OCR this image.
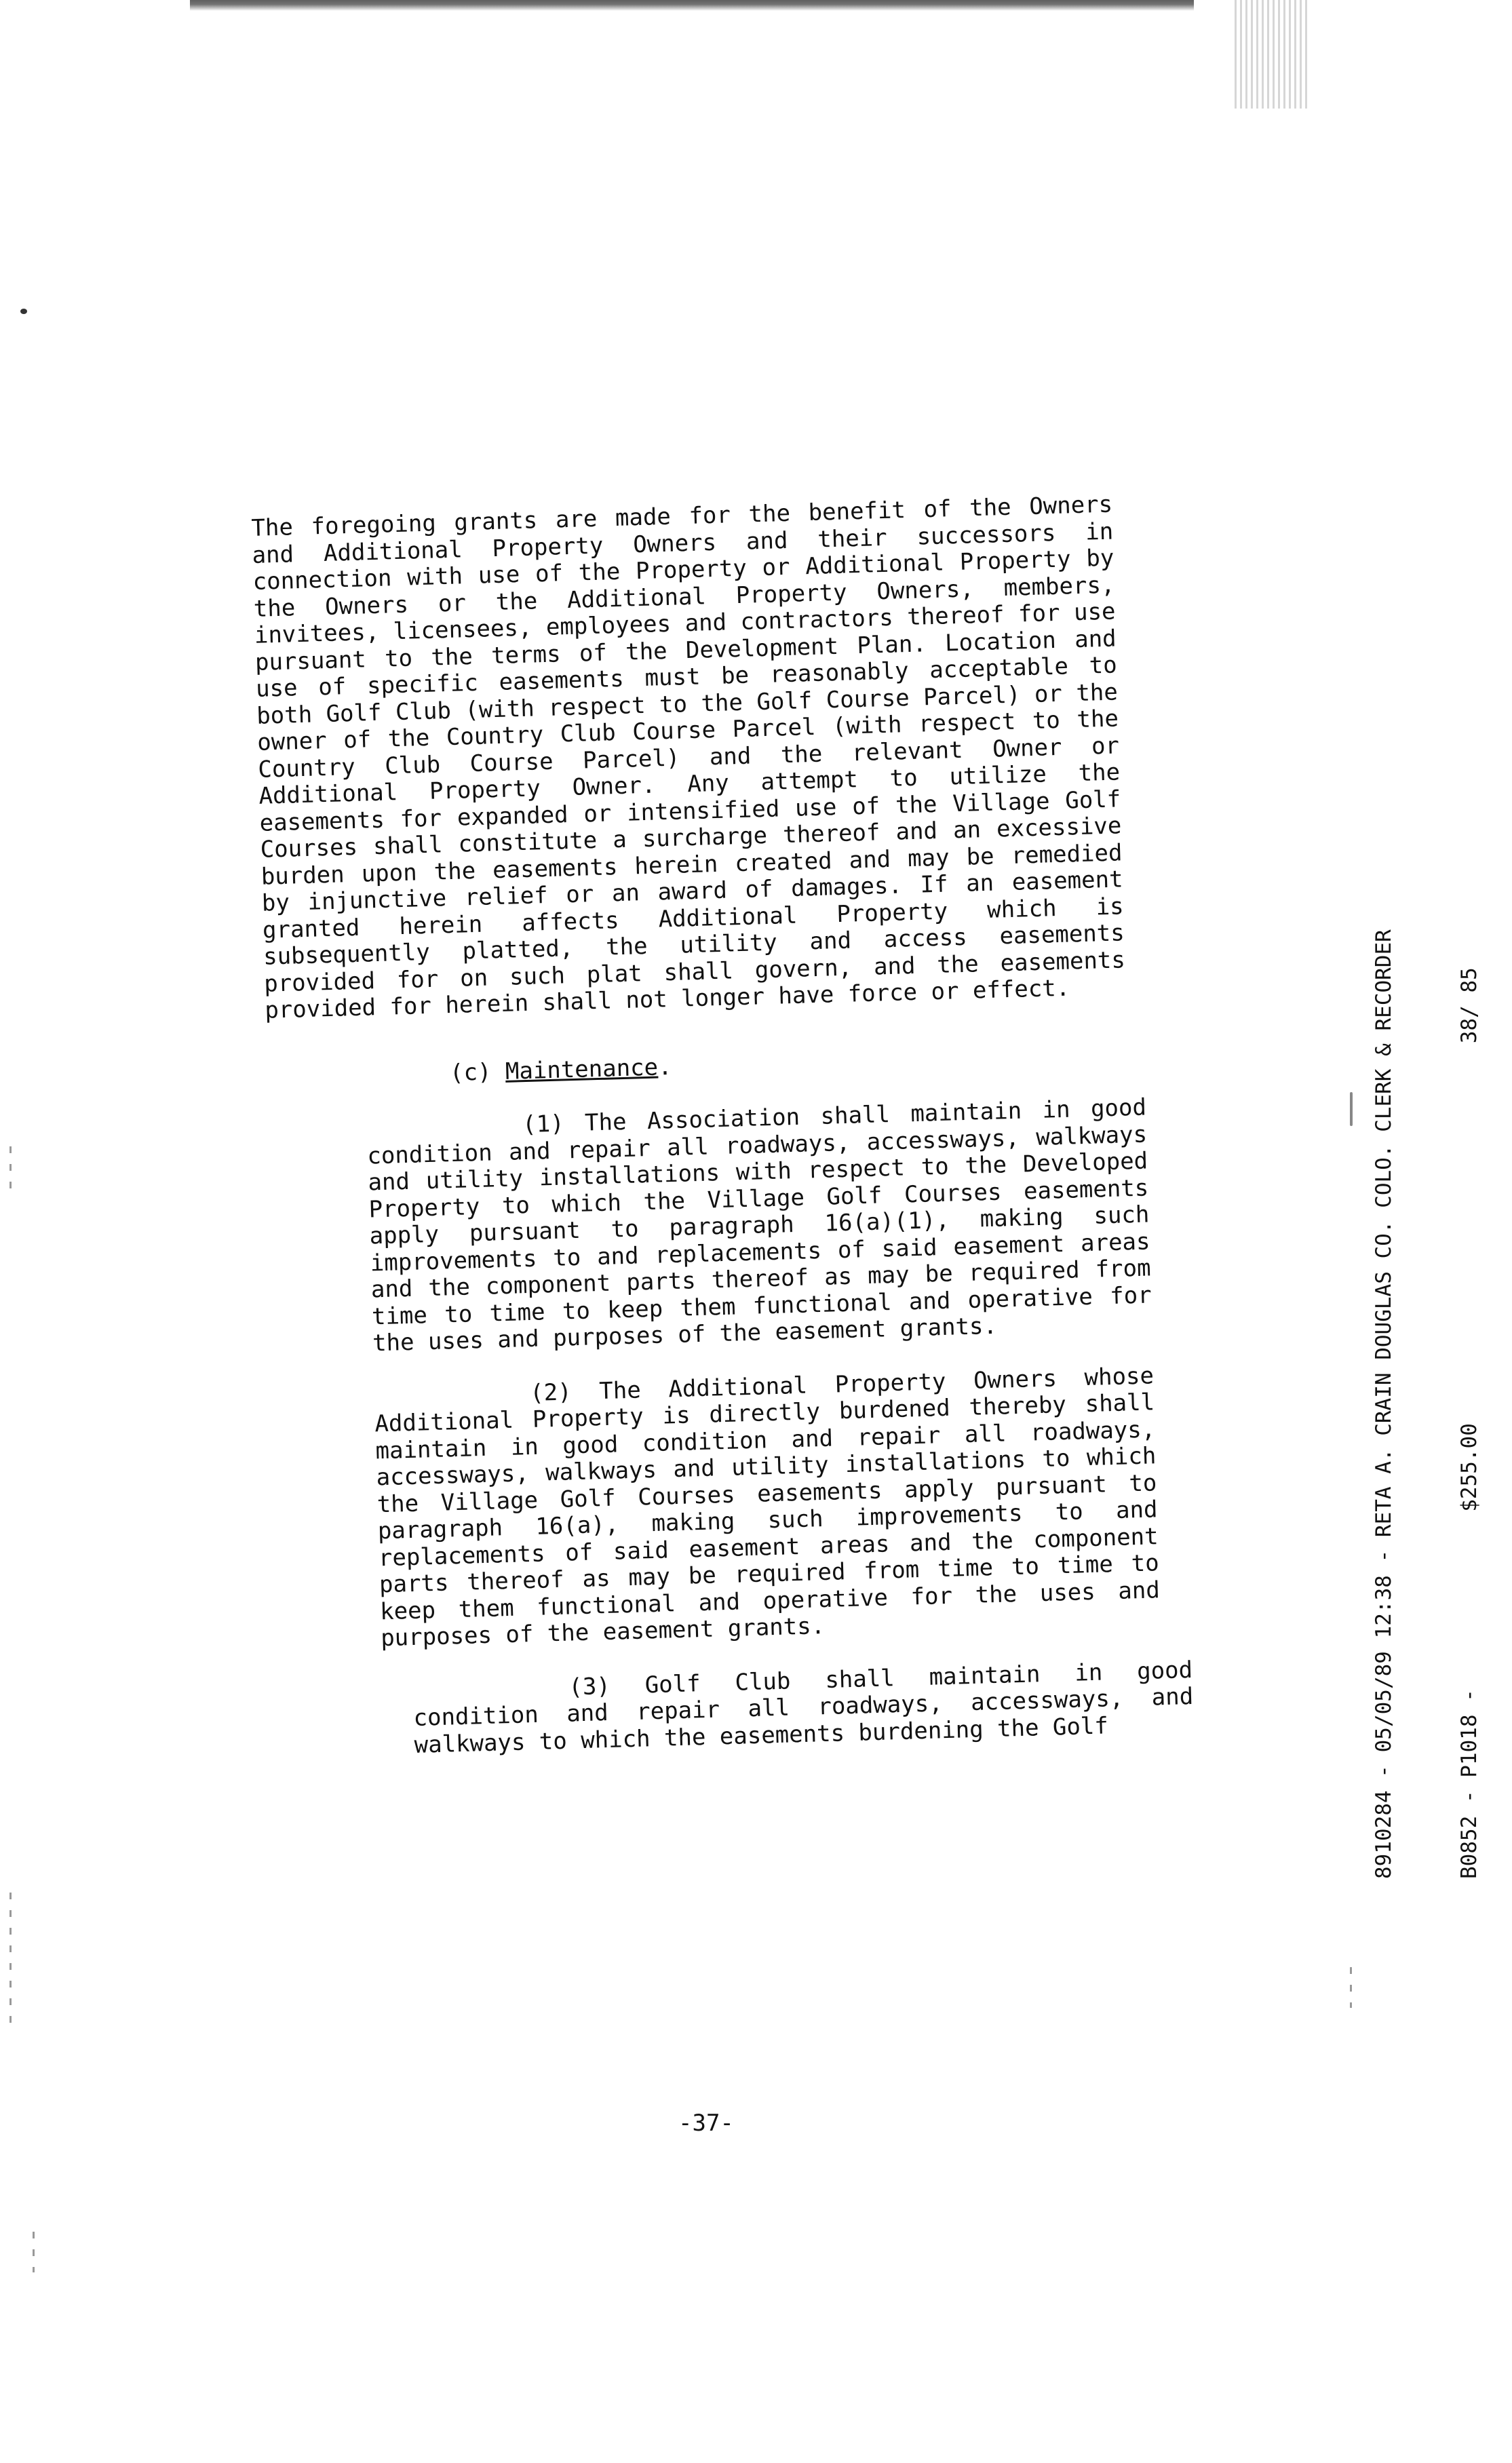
The foregoing grants are made for the benefit of the Owners and Additional Property Owners and their successors in connection with use of the Property or Additional Property by the Owners or the Additional Property Owners, members, invitees, licensees, employees and contractors thereof for use pursuant to the terms of the Development Plan. Location and use of specific easements must be reasonably acceptable to both Golf Club (with respect to the Golf Course Parcel) or the owner of the Country Club Course Parcel (with respect to the Country Club Course Parcel) and the relevant Owner or Additional Property Owner. Any attempt to utilize the easements for expanded or intensified use of the Village Golf Courses shall constitute a surcharge thereof and an excessive burden upon the easements herein created and may be remedied by injunctive relief or an award of damages. If an easement granted herein affects Additional Property which is subsequently platted, the utility and access easements provided for on such plat shall govern, and the easements provided for herein shall not longer have force or effect.

(c) Maintenance.

(1) The Association shall maintain in good condition and repair all roadways, accessways, walkways and utility installations with respect to the Developed Property to which the Village Golf Courses easements apply pursuant to paragraph 16(a)(1), making such improvements to and replacements of said easement areas and the component parts thereof as may be required from time to time to keep them functional and operative for the uses and purposes of the easement grants.

(2) The Additional Property Owners whose Additional Property is directly burdened thereby shall maintain in good condition and repair all roadways, accessways, walkways and utility installations to which the Village Golf Courses easements apply pursuant to paragraph 16(a), making such improvements to and replacements of said easement areas and the component parts thereof as may be required from time to time to keep them functional and operative for the uses and purposes of the easement grants.

(3) Golf Club shall maintain in good condition and repair all roadways, accessways, and walkways to which the easements burdening the Golf

-37-

8910284 - 05/05/89 12:38 - RETA A. CRAIN DOUGLAS CO. COLO. CLERK & RECORDER

	B0852 - P1018 -              $255.00                              38/ 85
